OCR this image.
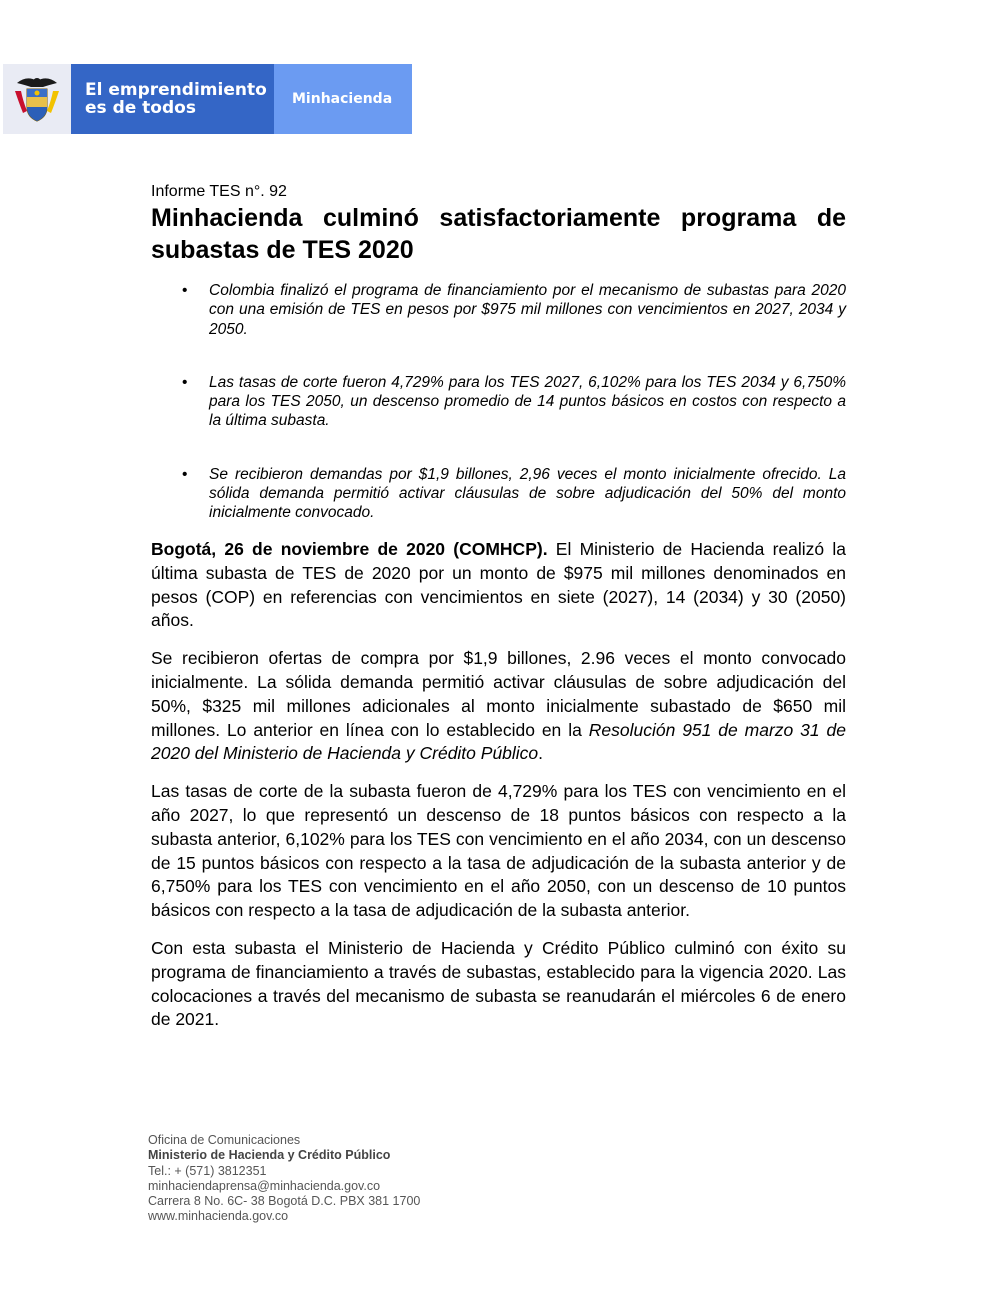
El emprendimiento
es de todos	Minhacienda
Informe TES n°. 92
Minhacienda culminó satisfactoriamente programa de subastas de TES 2020
• Colombia finalizó el programa de financiamiento por el mecanismo de subastas para 2020 con una emisión de TES en pesos por $975 mil millones con vencimientos en 2027, 2034 y 2050.
• Las tasas de corte fueron 4,729% para los TES 2027, 6,102% para los TES 2034 y 6,750% para los TES 2050, un descenso promedio de 14 puntos básicos en costos con respecto a la última subasta.
• Se recibieron demandas por $1,9 billones, 2,96 veces el monto inicialmente ofrecido. La sólida demanda permitió activar cláusulas de sobre adjudicación del 50% del monto inicialmente convocado.

Bogotá, 26 de noviembre de 2020 (COMHCP). El Ministerio de Hacienda realizó la última subasta de TES de 2020 por un monto de $975 mil millones denominados en pesos (COP) en referencias con vencimientos en siete (2027), 14 (2034) y 30 (2050) años.

Se recibieron ofertas de compra por $1,9 billones, 2.96 veces el monto convocado inicialmente. La sólida demanda permitió activar cláusulas de sobre adjudicación del 50%, $325 mil millones adicionales al monto inicialmente subastado de $650 mil millones. Lo anterior en línea con lo establecido en la Resolución 951 de marzo 31 de 2020 del Ministerio de Hacienda y Crédito Público.

Las tasas de corte de la subasta fueron de 4,729% para los TES con vencimiento en el año 2027, lo que representó un descenso de 18 puntos básicos con respecto a la subasta anterior, 6,102% para los TES con vencimiento en el año 2034, con un descenso de 15 puntos básicos con respecto a la tasa de adjudicación de la subasta anterior y de 6,750% para los TES con vencimiento en el año 2050, con un descenso de 10 puntos básicos con respecto a la tasa de adjudicación de la subasta anterior.

Con esta subasta el Ministerio de Hacienda y Crédito Público culminó con éxito su programa de financiamiento a través de subastas, establecido para la vigencia 2020. Las colocaciones a través del mecanismo de subasta se reanudarán el miércoles 6 de enero de 2021.

Oficina de Comunicaciones
Ministerio de Hacienda y Crédito Público
Tel.: + (571) 3812351
minhaciendaprensa@minhacienda.gov.co
Carrera 8 No. 6C- 38 Bogotá D.C. PBX 381 1700
www.minhacienda.gov.co
